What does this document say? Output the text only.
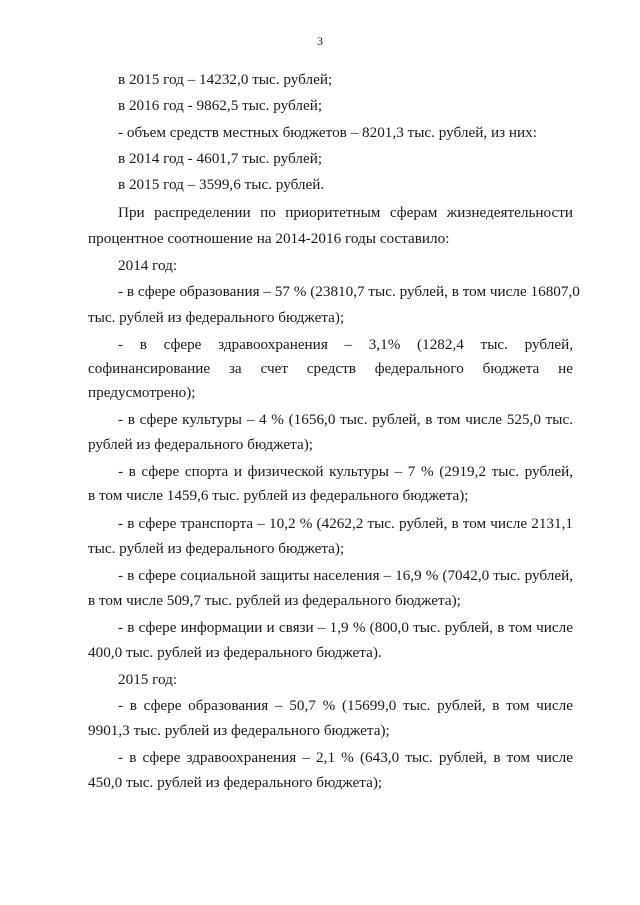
3
в 2015 год – 14232,0 тыс. рублей;
в 2016 год - 9862,5 тыс. рублей;
- объем средств местных бюджетов – 8201,3 тыс. рублей, из них:
в 2014 год - 4601,7 тыс. рублей;
в 2015 год – 3599,6 тыс. рублей.
При распределении по приоритетным сферам жизнедеятельности
процентное соотношение на 2014-2016 годы составило:
2014 год:
- в сфере образования – 57 % (23810,7 тыс. рублей, в том числе 16807,0
тыс. рублей из федерального бюджета);
- в сфере здравоохранения – 3,1% (1282,4 тыс. рублей,
софинансирование за счет средств федерального бюджета не
предусмотрено);
- в сфере культуры – 4 % (1656,0 тыс. рублей, в том числе 525,0 тыс.
рублей из федерального бюджета);
- в сфере спорта и физической культуры – 7 % (2919,2 тыс. рублей,
в том числе 1459,6 тыс. рублей из федерального бюджета);
- в сфере транспорта – 10,2 % (4262,2 тыс. рублей, в том числе 2131,1
тыс. рублей из федерального бюджета);
- в сфере социальной защиты населения – 16,9 % (7042,0 тыс. рублей,
в том числе 509,7 тыс. рублей из федерального бюджета);
- в сфере информации и связи – 1,9 % (800,0 тыс. рублей, в том числе
400,0 тыс. рублей из федерального бюджета).
2015 год:
- в сфере образования – 50,7 % (15699,0 тыс. рублей, в том числе
9901,3 тыс. рублей из федерального бюджета);
- в сфере здравоохранения – 2,1 % (643,0 тыс. рублей, в том числе
450,0 тыс. рублей из федерального бюджета);
